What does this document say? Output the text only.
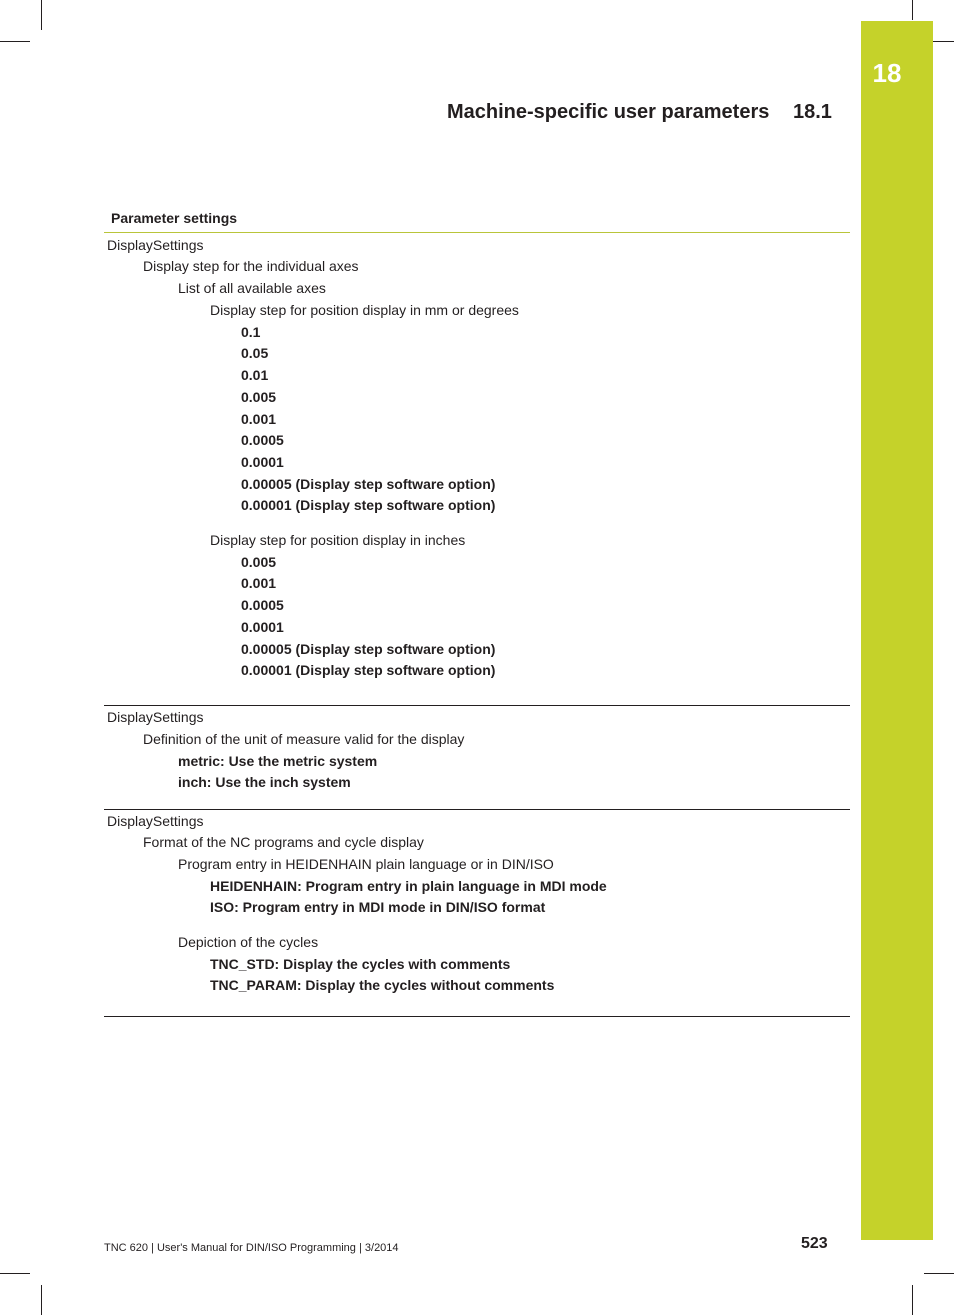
18
Machine-specific user parameters 18.1
Parameter settings
DisplaySettings
Display step for the individual axes
List of all available axes
Display step for position display in mm or degrees
0.1
0.05
0.01
0.005
0.001
0.0005
0.0001
0.00005 (Display step software option)
0.00001 (Display step software option)
Display step for position display in inches
0.005
0.001
0.0005
0.0001
0.00005 (Display step software option)
0.00001 (Display step software option)
DisplaySettings
Definition of the unit of measure valid for the display
metric: Use the metric system
inch: Use the inch system
DisplaySettings
Format of the NC programs and cycle display
Program entry in HEIDENHAIN plain language or in DIN/ISO
HEIDENHAIN: Program entry in plain language in MDI mode
ISO: Program entry in MDI mode in DIN/ISO format
Depiction of the cycles
TNC_STD: Display the cycles with comments
TNC_PARAM: Display the cycles without comments
TNC 620 | User's Manual for DIN/ISO Programming | 3/2014	523
